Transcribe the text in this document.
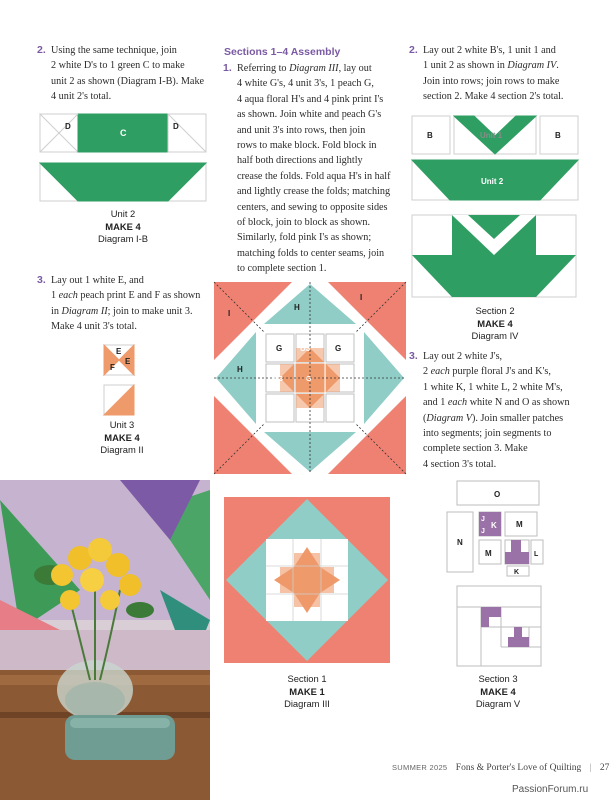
2. Using the same technique, join

2 white D's to 1 green C to make

unit 2 as shown (Diagram I-B). Make

4 unit 2's total.

D
C
D
Unit 2
MAKE 4
Diagram I-B
3. Lay out 1 white E, and

1 each peach print E and F as shown

in Diagram II; join to make unit 3.

Make 4 unit 3's total.

E
E
F
Unit 3
MAKE 4
Diagram II
Sections 1–4 Assembly
1. Referring to Diagram III, lay out

4 white G's, 4 unit 3's, 1 peach G,

4 aqua floral H's and 4 pink print I's

as shown. Join white and peach G's

and unit 3's into rows, then join

rows to make block. Fold block in

half both directions and lightly

crease the folds. Fold aqua H's in half

and lightly crease the folds; matching

centers, and sewing to opposite sides

of block, join to block as shown.

Similarly, fold pink I's as shown;

matching folds to center seams, join

to complete section 1.

I
I
H
H
G	G
U3
U3	G
Section 1
MAKE 1
Diagram III
2. Lay out 2 white B's, 1 unit 1 and

1 unit 2 as shown in Diagram IV.

Join into rows; join rows to make

section 2. Make 4 section 2's total.

B	Unit 1	B
Unit 2
Section 2
MAKE 4
Diagram IV
3. Lay out 2 white J's,

2 each purple floral J's and K's,

1 white K, 1 white L, 2 white M's,

and 1 each white N and O as shown

(Diagram V). Join smaller patches

into segments; join segments to

complete section 3. Make

4 section 3's total.

J
J
K M
M	L
K
O
N
Section 3
MAKE 4
Diagram V
SUMMER 2025 Fons & Porter's Love of Quilting | 27
PassionForum.ru
